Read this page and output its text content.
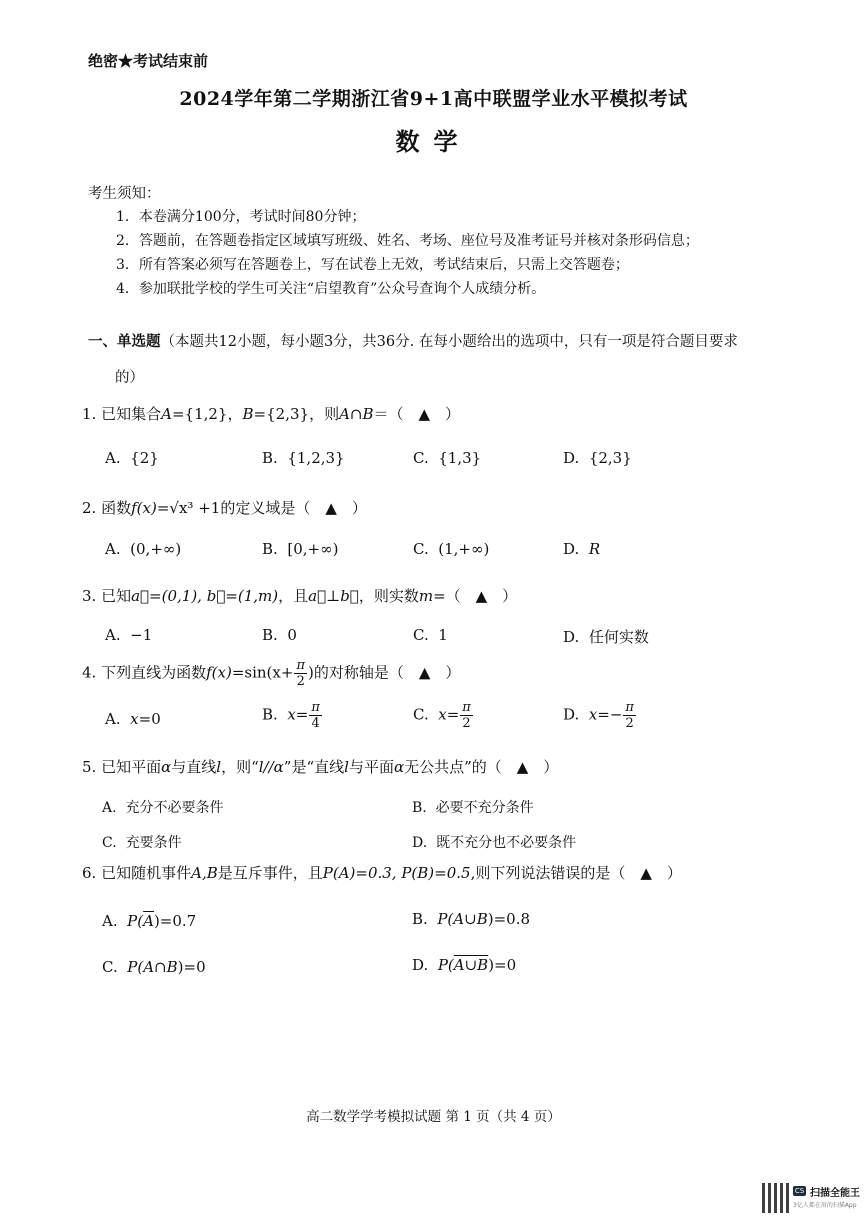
绝密★考试结束前
2024学年第二学期浙江省9+1高中联盟学业水平模拟考试
数学
考生须知：
1．本卷满分100分，考试时间80分钟；
2．答题前，在答题卷指定区域填写班级、姓名、考场、座位号及准考证号并核对条形码信息；
3．所有答案必须写在答题卷上，写在试卷上无效，考试结束后，只需上交答题卷；
4．参加联批学校的学生可关注“启望教育”公众号查询个人成绩分析。
一、单选题（本题共12小题，每小题3分，共36分. 在每小题给出的选项中，只有一项是符合题目要求
的）
1. 已知集合A={1,2}，B={2,3}，则A∩B＝（　▲　）
A. {2}	B. {1,2,3}	C. {1,3}	D. {2,3}
2. 函数f(x)=√x³ +1的定义域是（　▲　）
A. (0,+∞)	B. [0,+∞)	C. (1,+∞)	D. R
3. 已知a⃗=(0,1), b⃗=(1,m)，且a⃗⊥b⃗，则实数m=（　▲　）
A. −1	B. 0	C. 1	D. 任何实数
4. 下列直线为函数$f(x)=\sin(x+ \frac{\pi}{2}$ )的对称轴是（　▲　）
A. x=0	B. $x= \frac{\pi}{4}$	C. $x= \frac{\pi}{2}$	D. $x=- \frac{\pi}{2}$
5. 已知平面α与直线l，则“l//α”是“直线l与平面α无公共点”的（　▲　）
A. 充分不必要条件	B. 必要不充分条件
C. 充要条件	D. 既不充分也不必要条件
6. 已知随机事件A,B是互斥事件，且P(A)=0.3, P(B)=0.5,则下列说法错误的是（　▲　）
A. $P(\overline{A})=0.7$	B. P(A∪B)=0.8
C. P(A∩B)=0	D. P(A∪B)=0
高二数学学考模拟试题 第 1 页（共 4 页）
CS 扫描全能王
3亿人都在用的扫描App
